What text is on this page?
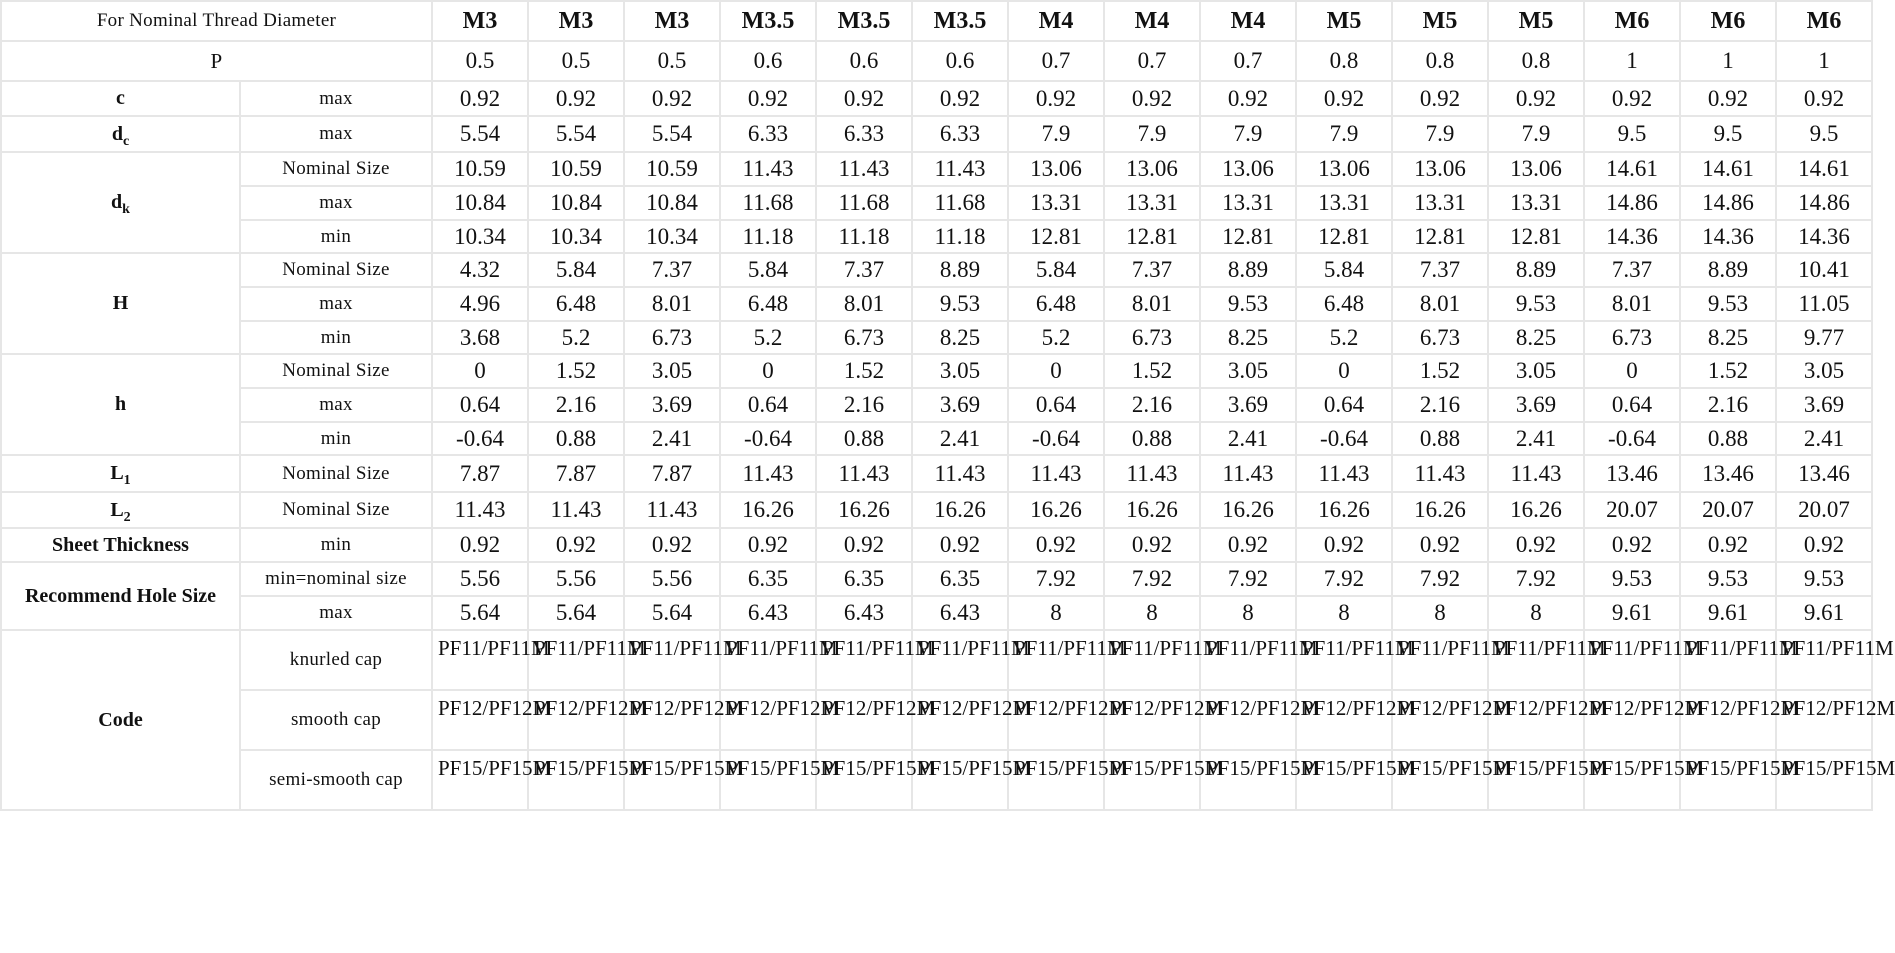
For Nominal Thread Diameter		M3	M3	M3	M3.5	M3.5	M3.5	M4	M4	M4	M5	M5	M5	M6	M6	M6
P		0.5	0.5	0.5	0.6	0.6	0.6	0.7	0.7	0.7	0.8	0.8	0.8	1	1	1
c	max	0.92	0.92	0.92	0.92	0.92	0.92	0.92	0.92	0.92	0.92	0.92	0.92	0.92	0.92	0.92
$d_c$	max	5.54	5.54	5.54	6.33	6.33	6.33	7.9	7.9	7.9	7.9	7.9	7.9	9.5	9.5	9.5
$d_k$	Nominal Size	10.59	10.59	10.59	11.43	11.43	11.43	13.06	13.06	13.06	13.06	13.06	13.06	14.61	14.61	14.61
	max	10.84	10.84	10.84	11.68	11.68	11.68	13.31	13.31	13.31	13.31	13.31	13.31	14.86	14.86	14.86
	min	10.34	10.34	10.34	11.18	11.18	11.18	12.81	12.81	12.81	12.81	12.81	12.81	14.36	14.36	14.36
H	Nominal Size	4.32	5.84	7.37	5.84	7.37	8.89	5.84	7.37	8.89	5.84	7.37	8.89	7.37	8.89	10.41
	max	4.96	6.48	8.01	6.48	8.01	9.53	6.48	8.01	9.53	6.48	8.01	9.53	8.01	9.53	11.05
	min	3.68	5.2	6.73	5.2	6.73	8.25	5.2	6.73	8.25	5.2	6.73	8.25	6.73	8.25	9.77
h	Nominal Size	0	1.52	3.05	0	1.52	3.05	0	1.52	3.05	0	1.52	3.05	0	1.52	3.05
	max	0.64	2.16	3.69	0.64	2.16	3.69	0.64	2.16	3.69	0.64	2.16	3.69	0.64	2.16	3.69
	min	-0.64	0.88	2.41	-0.64	0.88	2.41	-0.64	0.88	2.41	-0.64	0.88	2.41	-0.64	0.88	2.41
$L_1$	Nominal Size	7.87	7.87	7.87	11.43	11.43	11.43	11.43	11.43	11.43	11.43	11.43	11.43	13.46	13.46	13.46
$L_2$	Nominal Size	11.43	11.43	11.43	16.26	16.26	16.26	16.26	16.26	16.26	16.26	16.26	16.26	20.07	20.07	20.07
Sheet Thickness	min	0.92	0.92	0.92	0.92	0.92	0.92	0.92	0.92	0.92	0.92	0.92	0.92	0.92	0.92	0.92
Recommend Hole Size	min=nominal size	5.56	5.56	5.56	6.35	6.35	6.35	7.92	7.92	7.92	7.92	7.92	7.92	9.53	9.53	9.53
	max	5.64	5.64	5.64	6.43	6.43	6.43	8	8	8	8	8	8	9.61	9.61	9.61
Code	knurled cap	PF11/PF11M	PF11/PF11M	PF11/PF11M	PF11/PF11M	PF11/PF11M	PF11/PF11M	PF11/PF11M	PF11/PF11M	PF11/PF11M	PF11/PF11M	PF11/PF11M	PF11/PF11M	PF11/PF11M	PF11/PF11M	PF11/PF11M
	smooth cap	PF12/PF12M	PF12/PF12M	PF12/PF12M	PF12/PF12M	PF12/PF12M	PF12/PF12M	PF12/PF12M	PF12/PF12M	PF12/PF12M	PF12/PF12M	PF12/PF12M	PF12/PF12M	PF12/PF12M	PF12/PF12M	PF12/PF12M
	semi-smooth cap	PF15/PF15M	PF15/PF15M	PF15/PF15M	PF15/PF15M	PF15/PF15M	PF15/PF15M	PF15/PF15M	PF15/PF15M	PF15/PF15M	PF15/PF15M	PF15/PF15M	PF15/PF15M	PF15/PF15M	PF15/PF15M	PF15/PF15M
